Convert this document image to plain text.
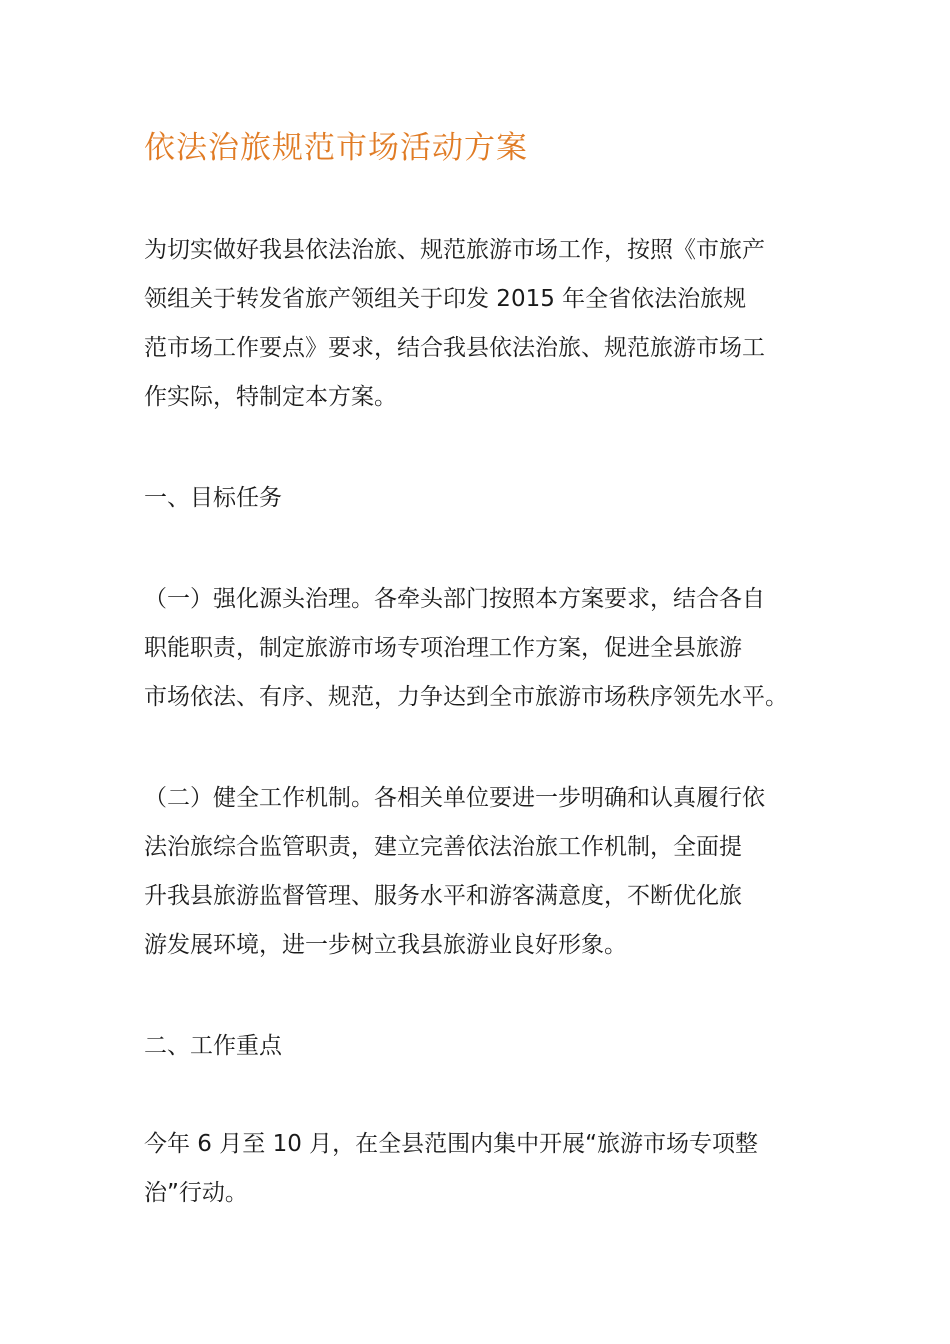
依法治旅规范市场活动方案
为切实做好我县依法治旅、规范旅游市场工作，按照《市旅产
领组关于转发省旅产领组关于印发 2015 年全省依法治旅规
范市场工作要点》要求，结合我县依法治旅、规范旅游市场工
作实际，特制定本方案。
一、目标任务
（一）强化源头治理。各牵头部门按照本方案要求，结合各自
职能职责，制定旅游市场专项治理工作方案，促进全县旅游
市场依法、有序、规范，力争达到全市旅游市场秩序领先水平。
（二）健全工作机制。各相关单位要进一步明确和认真履行依
法治旅综合监管职责，建立完善依法治旅工作机制，全面提
升我县旅游监督管理、服务水平和游客满意度，不断优化旅
游发展环境，进一步树立我县旅游业良好形象。
二、工作重点
今年 6 月至 10 月，在全县范围内集中开展“旅游市场专项整
治”行动。
